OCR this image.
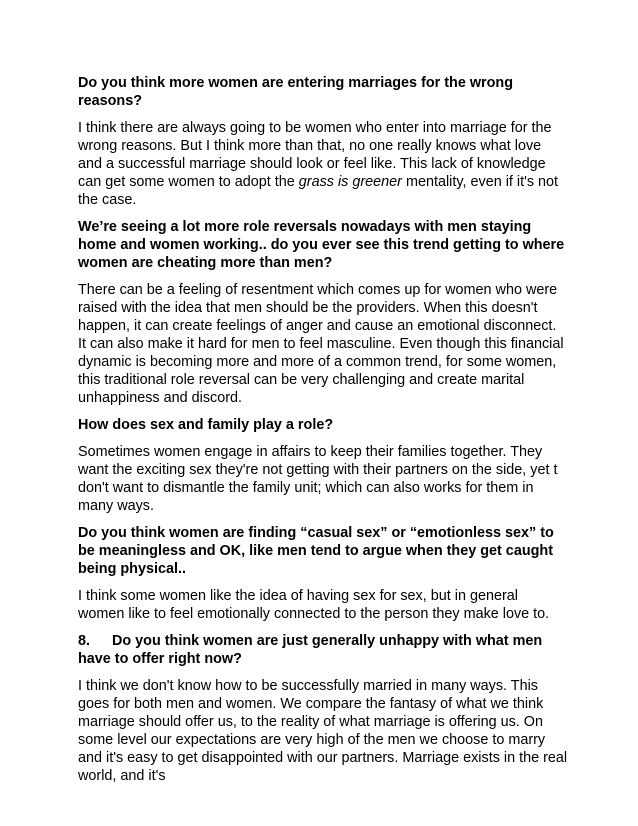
Do you think more women are entering marriages for the wrong reasons?

I think there are always going to be women who enter into marriage for the wrong reasons. But I think more than that, no one really knows what love and a successful marriage should look or feel like. This lack of knowledge can get some women to adopt the grass is greener mentality, even if it's not the case.

We’re seeing a lot more role reversals nowadays with men staying home and women working.. do you ever see this trend getting to where women are cheating more than men?

There can be a feeling of resentment which comes up for women who were raised with the idea that men should be the providers. When this doesn't happen, it can create feelings of anger and cause an emotional disconnect. It can also make it hard for men to feel masculine. Even though this financial dynamic is becoming more and more of a common trend, for some women, this traditional role reversal can be very challenging and create marital unhappiness and discord.

How does sex and family play a role?

Sometimes women engage in affairs to keep their families together. They want the exciting sex they're not getting with their partners on the side, yet t don't want to dismantle the family unit; which can also works for them in many ways.

Do you think women are finding “casual sex” or “emotionless sex” to be meaningless and OK, like men tend to argue when they get caught being physical..

I think some women like the idea of having sex for sex, but in general women like to feel emotionally connected to the person they make love to.

8. Do you think women are just generally unhappy with what men have to offer right now?

I think we don't know how to be successfully married in many ways. This goes for both men and women. We compare the fantasy of what we think marriage should offer us, to the reality of what marriage is offering us. On some level our expectations are very high of the men we choose to marry and it's easy to get disappointed with our partners. Marriage exists in the real world, and it's
